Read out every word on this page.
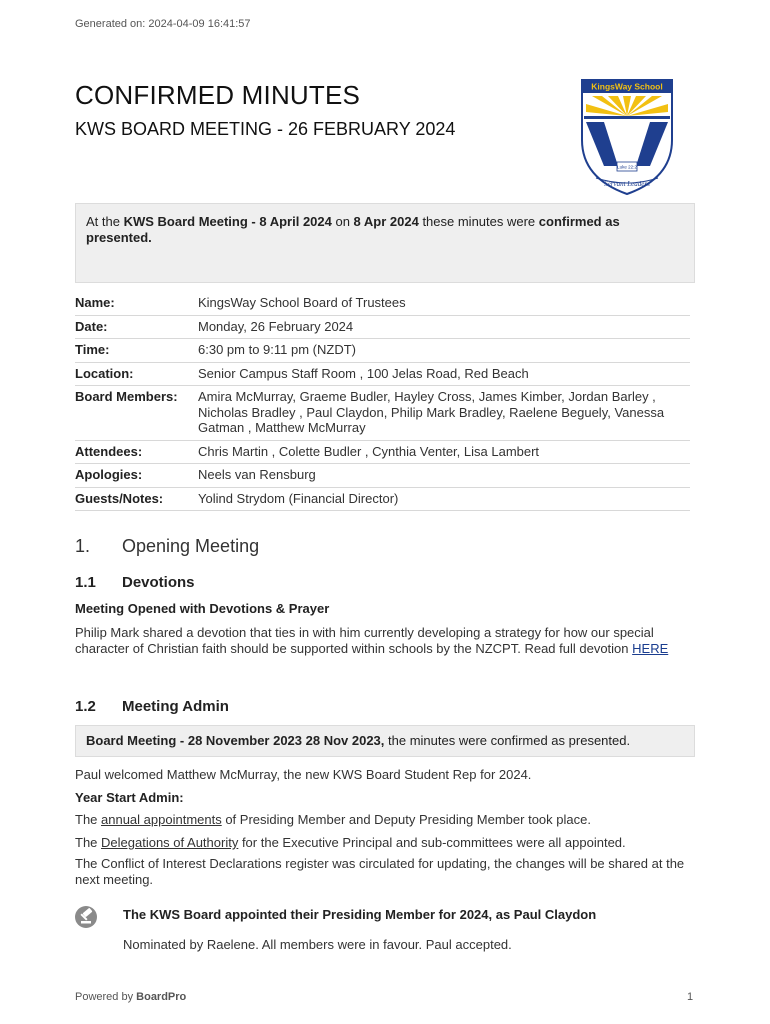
Generated on: 2024-04-09 16:41:57
CONFIRMED MINUTES
KWS BOARD MEETING - 26 FEBRUARY 2024
KingsWay School
Luke 22:2
Servant Leaders
At the KWS Board Meeting - 8 April 2024 on 8 Apr 2024 these minutes were confirmed as presented.
Name:	KingsWay School Board of Trustees
Date:	Monday, 26 February 2024
Time:	6:30 pm to 9:11 pm (NZDT)
Location:	Senior Campus Staff Room , 100 Jelas Road, Red Beach
Board Members:	Amira McMurray, Graeme Budler, Hayley Cross, James Kimber, Jordan Barley , Nicholas Bradley , Paul Claydon, Philip Mark Bradley, Raelene Beguely, Vanessa Gatman , Matthew McMurray
Attendees:	Chris Martin , Colette Budler , Cynthia Venter, Lisa Lambert
Apologies:	Neels van Rensburg
Guests/Notes:	Yolind Strydom (Financial Director)
1. Opening Meeting
1.1 Devotions
Meeting Opened with Devotions & Prayer
Philip Mark shared a devotion that ties in with him currently developing a strategy for how our special character of Christian faith should be supported within schools by the NZCPT. Read full devotion HERE
1.2 Meeting Admin
Board Meeting - 28 November 2023 28 Nov 2023, the minutes were confirmed as presented.
Paul welcomed Matthew McMurray, the new KWS Board Student Rep for 2024.
Year Start Admin:
The annual appointments of Presiding Member and Deputy Presiding Member took place.
The Delegations of Authority for the Executive Principal and sub-committees were all appointed.
The Conflict of Interest Declarations register was circulated for updating, the changes will be shared at the next meeting.
The KWS Board appointed their Presiding Member for 2024, as Paul Claydon
Nominated by Raelene. All members were in favour. Paul accepted.
Powered by BoardPro	1
